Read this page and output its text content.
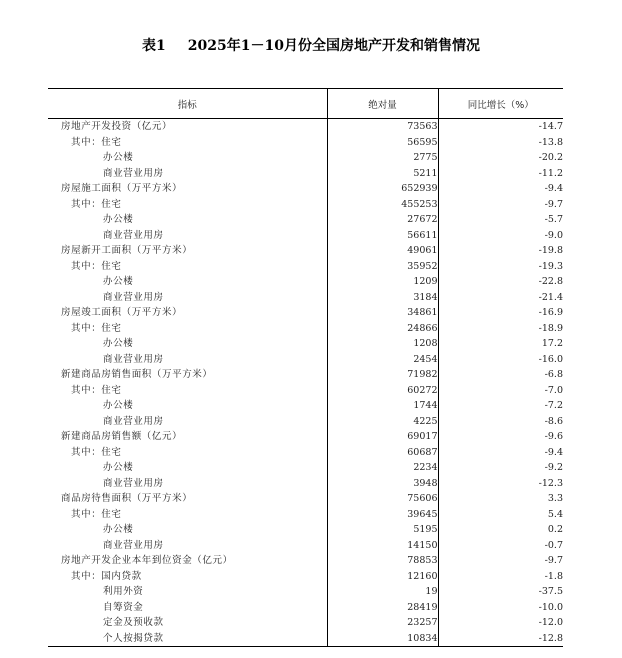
表1 2025年1－10月份全国房地产开发和销售情况
指标	绝对量	同比增长（%）
房地产开发投资（亿元）	73563	-14.7
其中：住宅	56595	-13.8
办公楼	2775	-20.2
商业营业用房	5211	-11.2
房屋施工面积（万平方米）	652939	-9.4
其中：住宅	455253	-9.7
办公楼	27672	-5.7
商业营业用房	56611	-9.0
房屋新开工面积（万平方米）	49061	-19.8
其中：住宅	35952	-19.3
办公楼	1209	-22.8
商业营业用房	3184	-21.4
房屋竣工面积（万平方米）	34861	-16.9
其中：住宅	24866	-18.9
办公楼	1208	17.2
商业营业用房	2454	-16.0
新建商品房销售面积（万平方米）	71982	-6.8
其中：住宅	60272	-7.0
办公楼	1744	-7.2
商业营业用房	4225	-8.6
新建商品房销售额（亿元）	69017	-9.6
其中：住宅	60687	-9.4
办公楼	2234	-9.2
商业营业用房	3948	-12.3
商品房待售面积（万平方米）	75606	3.3
其中：住宅	39645	5.4
办公楼	5195	0.2
商业营业用房	14150	-0.7
房地产开发企业本年到位资金（亿元）	78853	-9.7
其中：国内贷款	12160	-1.8
利用外资	19	-37.5
自筹资金	28419	-10.0
定金及预收款	23257	-12.0
个人按揭贷款	10834	-12.8
